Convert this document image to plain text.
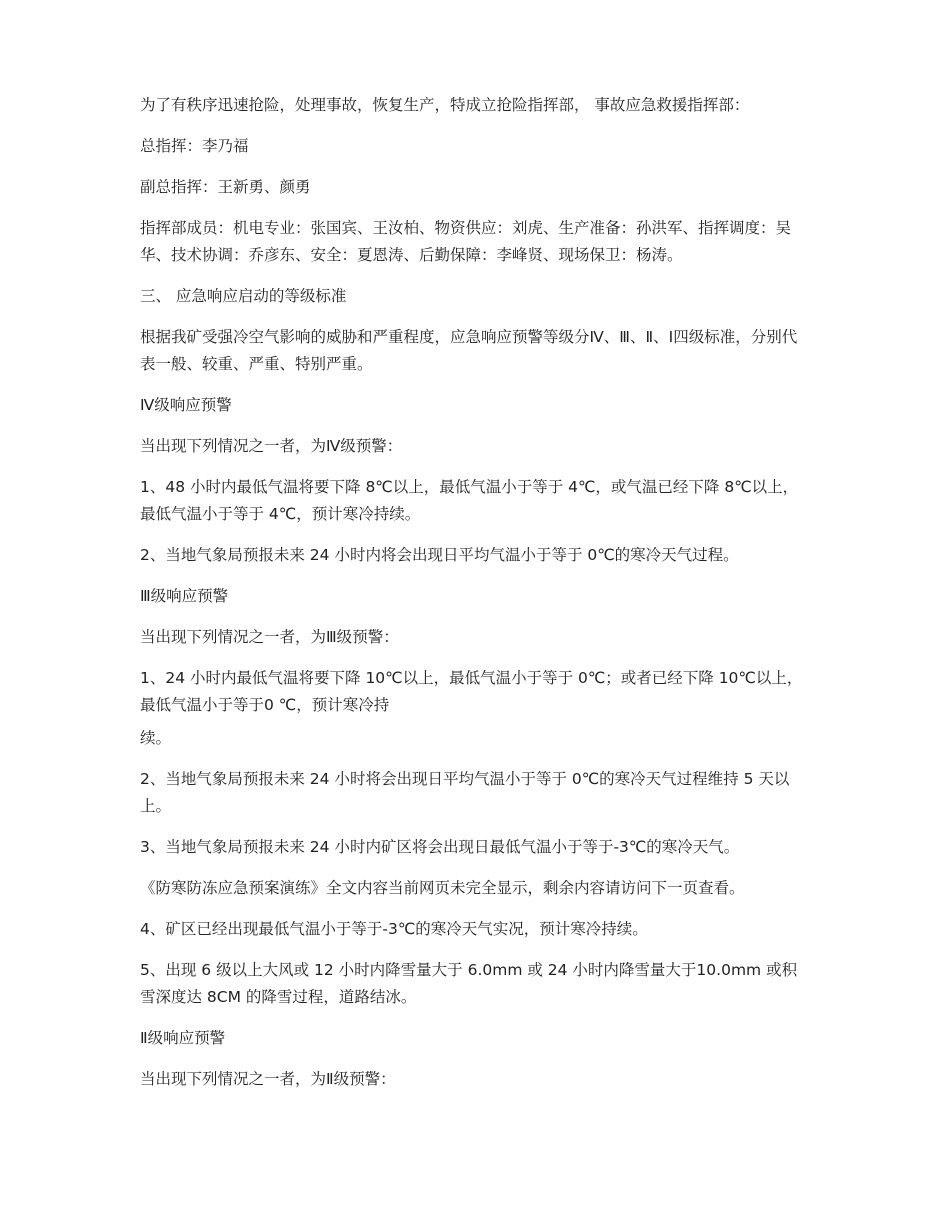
为了有秩序迅速抢险，处理事故，恢复生产，特成立抢险指挥部， 事故应急救援指挥部：

总指挥：李乃福

副总指挥：王新勇、颜勇

指挥部成员：机电专业：张国宾、王汝柏、物资供应：刘虎、生产准备：孙洪军、指挥调度：吴华、技术协调：乔彦东、安全：夏恩涛、后勤保障：李峰贤、现场保卫：杨涛。

三、 应急响应启动的等级标准

根据我矿受强冷空气影响的威胁和严重程度，应急响应预警等级分Ⅳ、Ⅲ、Ⅱ、Ⅰ四级标准，分别代表一般、较重、严重、特别严重。

Ⅳ级响应预警

当出现下列情况之一者，为Ⅳ级预警：

1、48 小时内最低气温将要下降 8℃以上，最低气温小于等于 4℃，或气温已经下降 8℃以上，最低气温小于等于 4℃，预计寒冷持续。

2、当地气象局预报未来 24 小时内将会出现日平均气温小于等于 0℃的寒冷天气过程。

Ⅲ级响应预警

当出现下列情况之一者，为Ⅲ级预警：

1、24 小时内最低气温将要下降 10℃以上，最低气温小于等于 0℃；或者已经下降 10℃以上，最低气温小于等于0 ℃，预计寒冷持

续。

2、当地气象局预报未来 24 小时将会出现日平均气温小于等于 0℃的寒冷天气过程维持 5 天以上。

3、当地气象局预报未来 24 小时内矿区将会出现日最低气温小于等于-3℃的寒冷天气。

《防寒防冻应急预案演练》全文内容当前网页未完全显示，剩余内容请访问下一页查看。

4、矿区已经出现最低气温小于等于-3℃的寒冷天气实况，预计寒冷持续。

5、出现 6 级以上大风或 12 小时内降雪量大于 6.0mm 或 24 小时内降雪量大于10.0mm 或积雪深度达 8CM 的降雪过程，道路结冰。

Ⅱ级响应预警

当出现下列情况之一者，为Ⅱ级预警：
